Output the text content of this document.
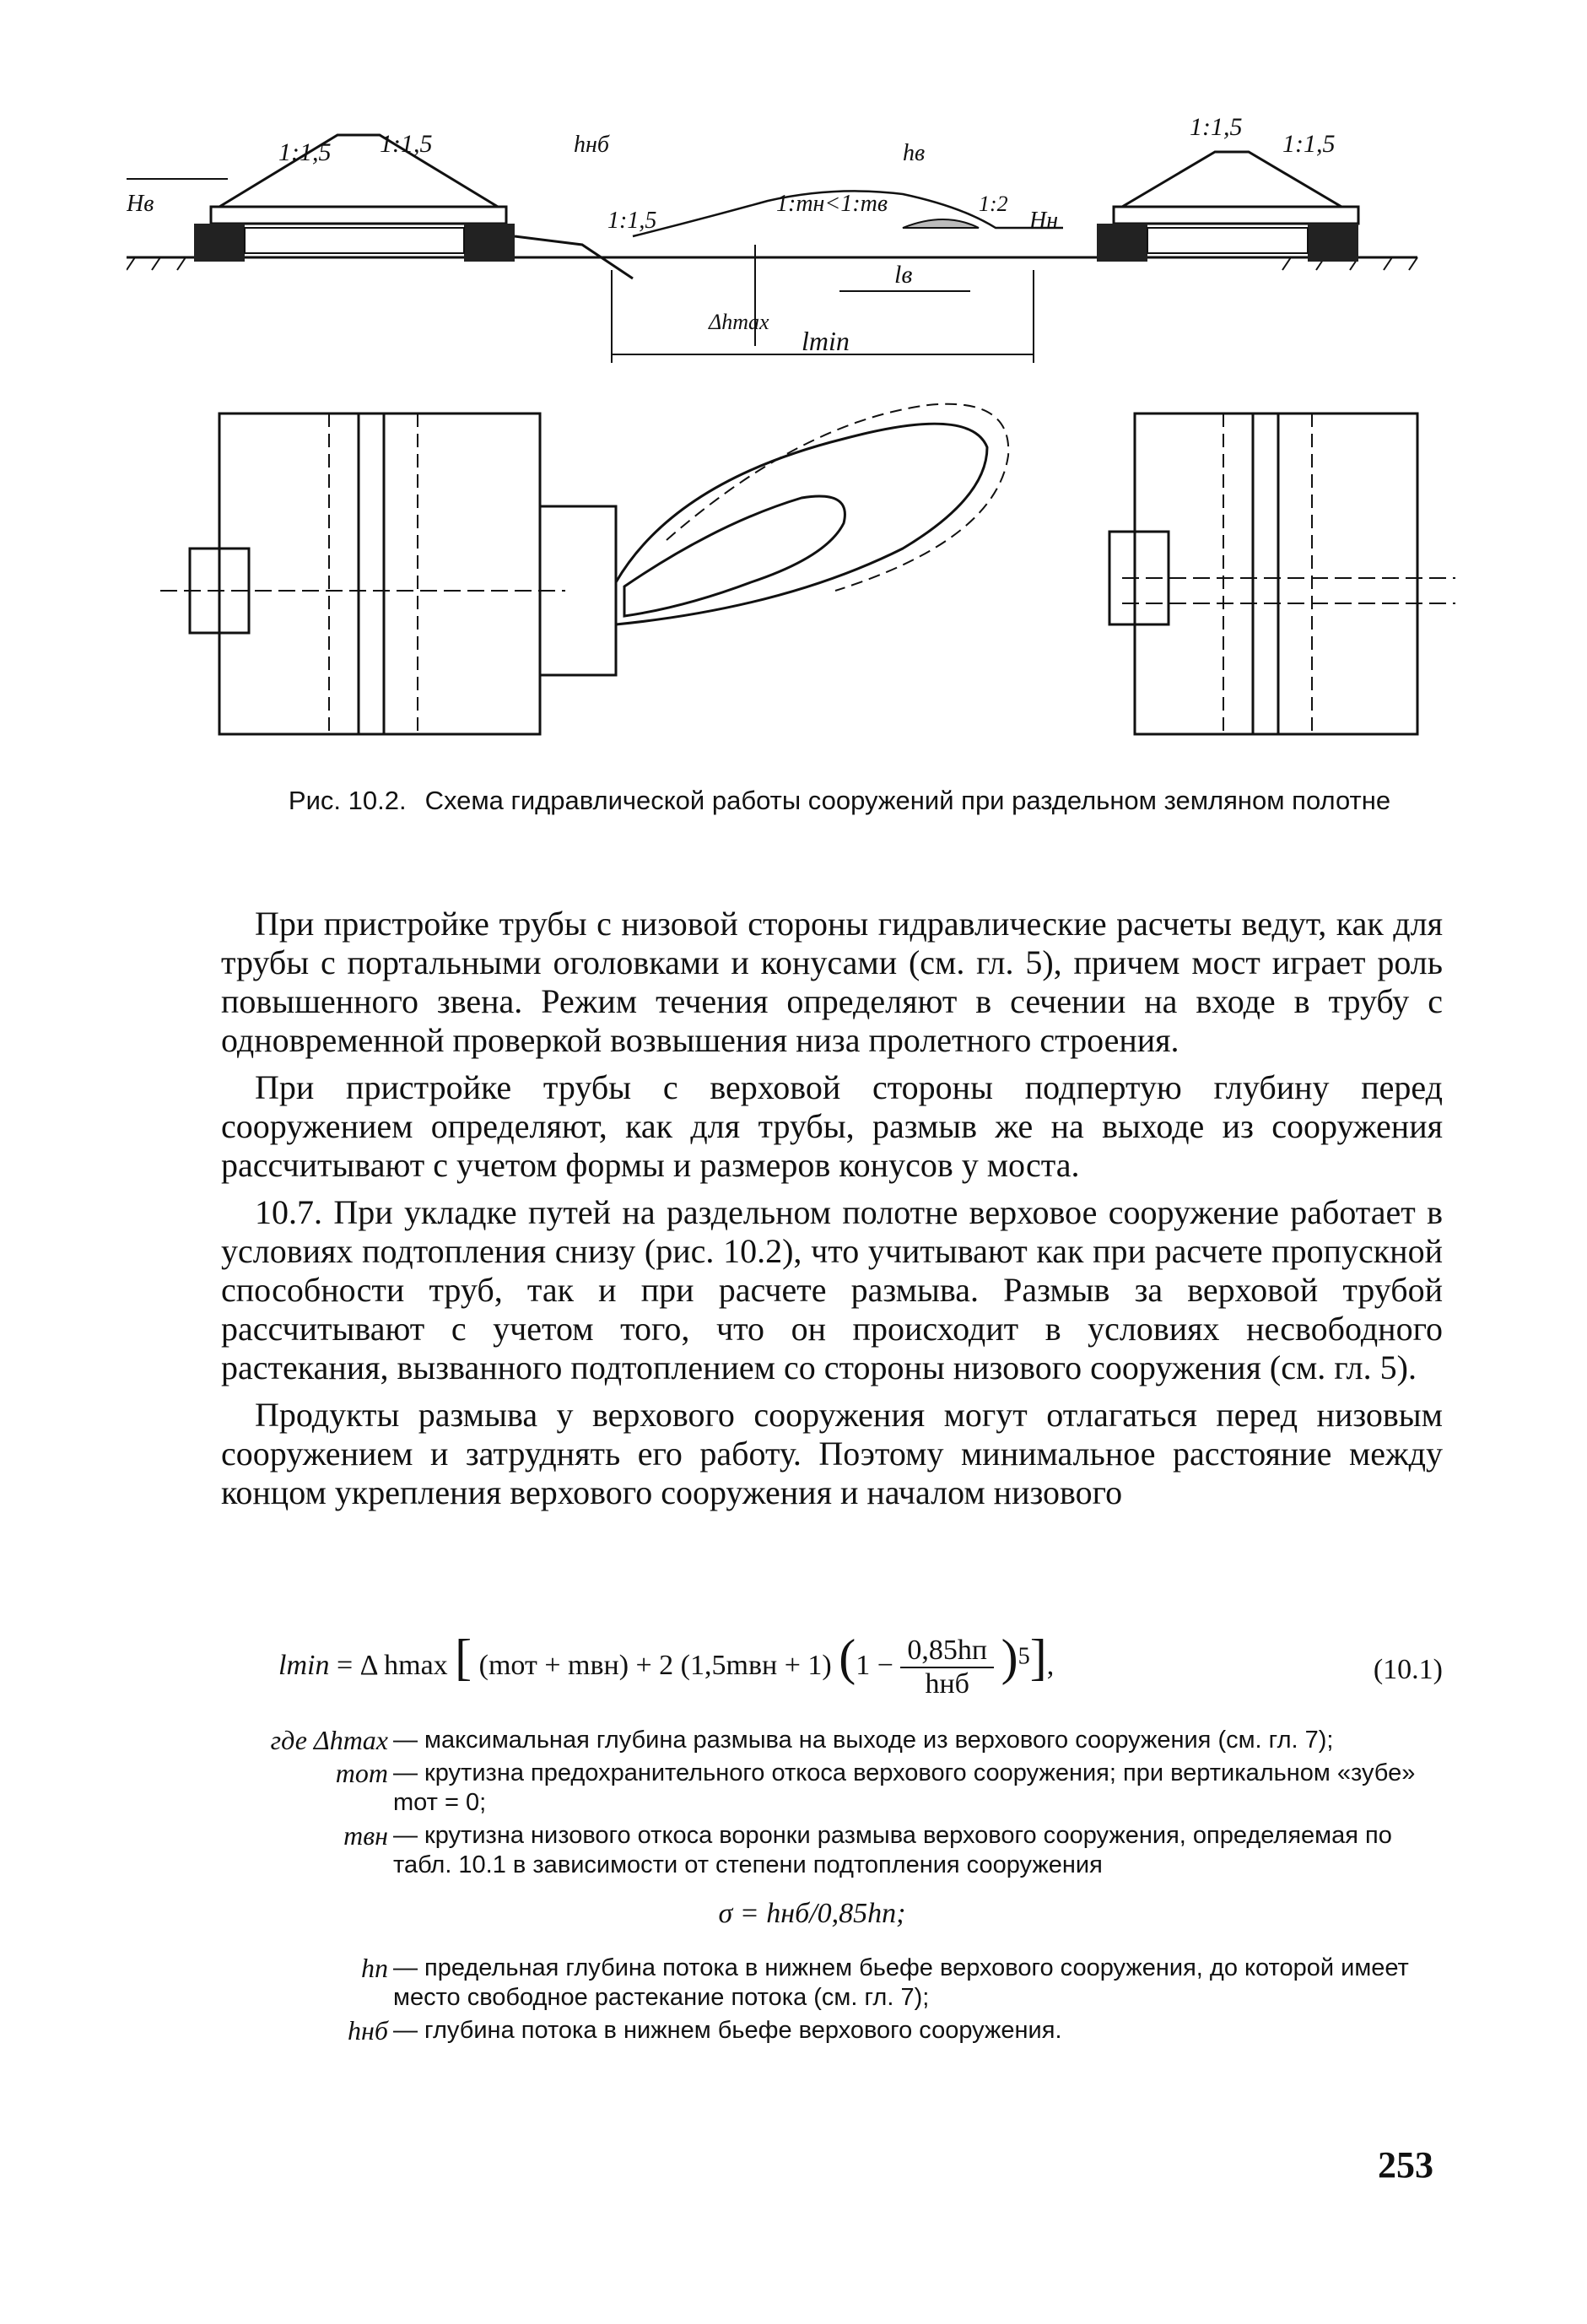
1:1,5 1:1,5
Hв
hнб
1:1,5
1:mн<1:mв
hв
1:2
Hн
1:1,5
1:1,5
Δhmax
lв
lmin
Рис. 10.2. Схема гидравлической работы сооружений при раздельном земляном полотне

При пристройке трубы с низовой стороны гидравлические расчеты ведут, как для трубы с портальными оголовками и конусами (см. гл. 5), причем мост играет роль повышенного звена. Режим течения определяют в сечении на входе в трубу с одновременной проверкой возвышения низа пролетного строения.

При пристройке трубы с верховой стороны подпертую глубину перед сооружением определяют, как для трубы, размыв же на выходе из сооружения рассчитывают с учетом формы и размеров конусов у моста.

10.7. При укладке путей на раздельном полотне верховое сооружение работает в условиях подтопления снизу (рис. 10.2), что учитывают как при расчете пропускной способности труб, так и при расчете размыва. Размыв за верховой трубой рассчитывают с учетом того, что он происходит в условиях несвободного растекания, вызванного подтоплением со стороны низового сооружения (см. гл. 5).

Продукты размыва у верхового сооружения могут отлагаться перед низовым сооружением и затруднять его работу. Поэтому минимальное расстояние между концом укрепления верхового сооружения и началом низового

lmin = Δ hmax [ (mот + mвн) + 2 (1,5mвн + 1) (1 − 0,85hп
hнб )$^5$],	(10.1)
где Δhmax — максимальная глубина размыва на выходе из верхового сооружения (см. гл. 7);
mот — крутизна предохранительного откоса верхового сооружения; при вертикальном «зубе» mот = 0;
mвн — крутизна низового откоса воронки размыва верхового сооружения, определяемая по табл. 10.1 в зависимости от степени подтопления сооружения
σ = hнб/0,85hп;
hп — предельная глубина потока в нижнем бьефе верхового сооружения, до которой имеет место свободное растекание потока (см. гл. 7);
hнб — глубина потока в нижнем бьефе верхового сооружения.
253
